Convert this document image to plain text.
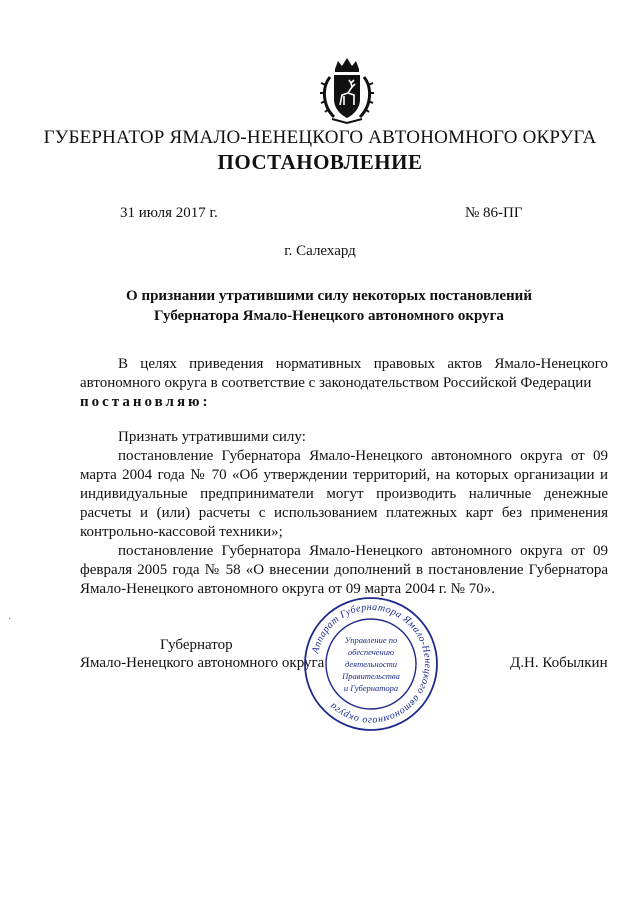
ГУБЕРНАТОР ЯМАЛО-НЕНЕЦКОГО АВТОНОМНОГО ОКРУГА
ПОСТАНОВЛЕНИЕ
31 июля 2017 г.	№ 86-ПГ
г. Салехард
О признании утратившими силу некоторых постановлений
Губернатора Ямало-Ненецкого автономного округа

В целях приведения нормативных правовых актов Ямало-Ненецкого автономного округа в соответствие с законодательством Российской Федерации

постановляю:

Признать утратившими силу:

постановление Губернатора Ямало-Ненецкого автономного округа от 09 марта 2004 года № 70 «Об утверждении территорий, на которых организации и индивидуальные предприниматели могут производить наличные денежные расчеты и (или) расчеты с использованием платежных карт без применения контрольно-кассовой техники»;

постановление Губернатора Ямало-Ненецкого автономного округа от 09 февраля 2005 года № 58 «О внесении дополнений в постановление Губернатора Ямало-Ненецкого автономного округа от 09 марта 2004 г. № 70».

Губернатор
Ямало-Ненецкого автономного округа	Д.Н. Кобылкин
Аппарат Губернатора Ямало-Ненецкого автономного округа
Управление по
обеспечению
деятельности
Правительства
и Губернатора
·
